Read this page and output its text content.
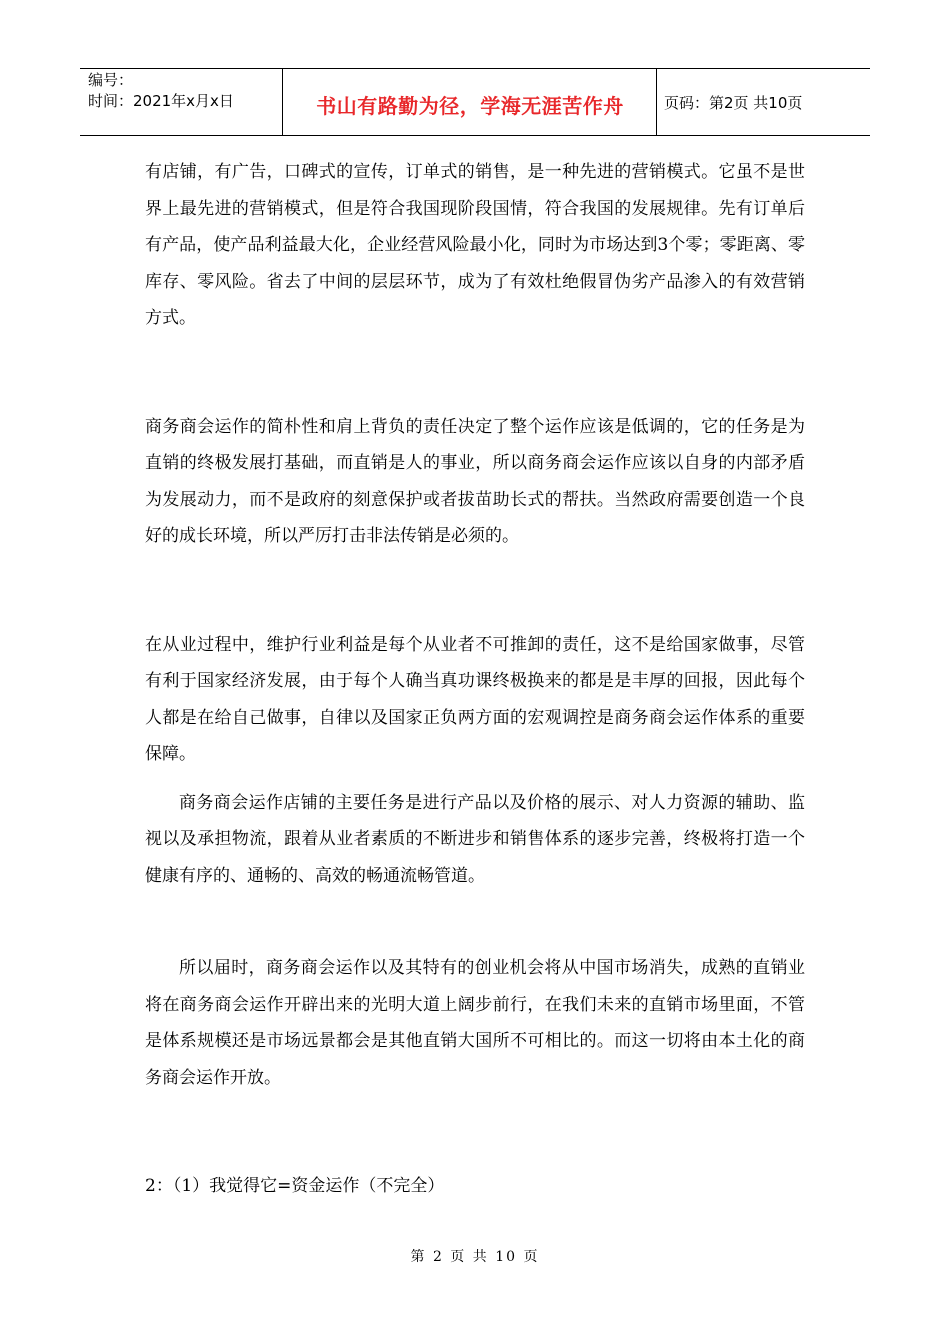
编号：
时间：2021年x月x日	书山有路勤为径，学海无涯苦作舟	页码：第2页 共10页

有店铺，有广告，口碑式的宣传，订单式的销售，是一种先进的营销模式。它虽不是世界上最先进的营销模式，但是符合我国现阶段国情，符合我国的发展规律。先有订单后有产品，使产品利益最大化，企业经营风险最小化，同时为市场达到3个零；零距离、零库存、零风险。省去了中间的层层环节，成为了有效杜绝假冒伪劣产品渗入的有效营销方式。

商务商会运作的简朴性和肩上背负的责任决定了整个运作应该是低调的，它的任务是为直销的终极发展打基础，而直销是人的事业，所以商务商会运作应该以自身的内部矛盾为发展动力，而不是政府的刻意保护或者拔苗助长式的帮扶。当然政府需要创造一个良好的成长环境，所以严厉打击非法传销是必须的。

在从业过程中，维护行业利益是每个从业者不可推卸的责任，这不是给国家做事，尽管有利于国家经济发展，由于每个人确当真功课终极换来的都是是丰厚的回报，因此每个人都是在给自己做事，自律以及国家正负两方面的宏观调控是商务商会运作体系的重要保障。

商务商会运作店铺的主要任务是进行产品以及价格的展示、对人力资源的辅助、监视以及承担物流，跟着从业者素质的不断进步和销售体系的逐步完善，终极将打造一个健康有序的、通畅的、高效的畅通流畅管道。

所以届时，商务商会运作以及其特有的创业机会将从中国市场消失，成熟的直销业将在商务商会运作开辟出来的光明大道上阔步前行，在我们未来的直销市场里面，不管是体系规模还是市场远景都会是其他直销大国所不可相比的。而这一切将由本土化的商务商会运作开放。

2：（1）我觉得它=资金运作（不完全）

第 2 页 共 10 页
